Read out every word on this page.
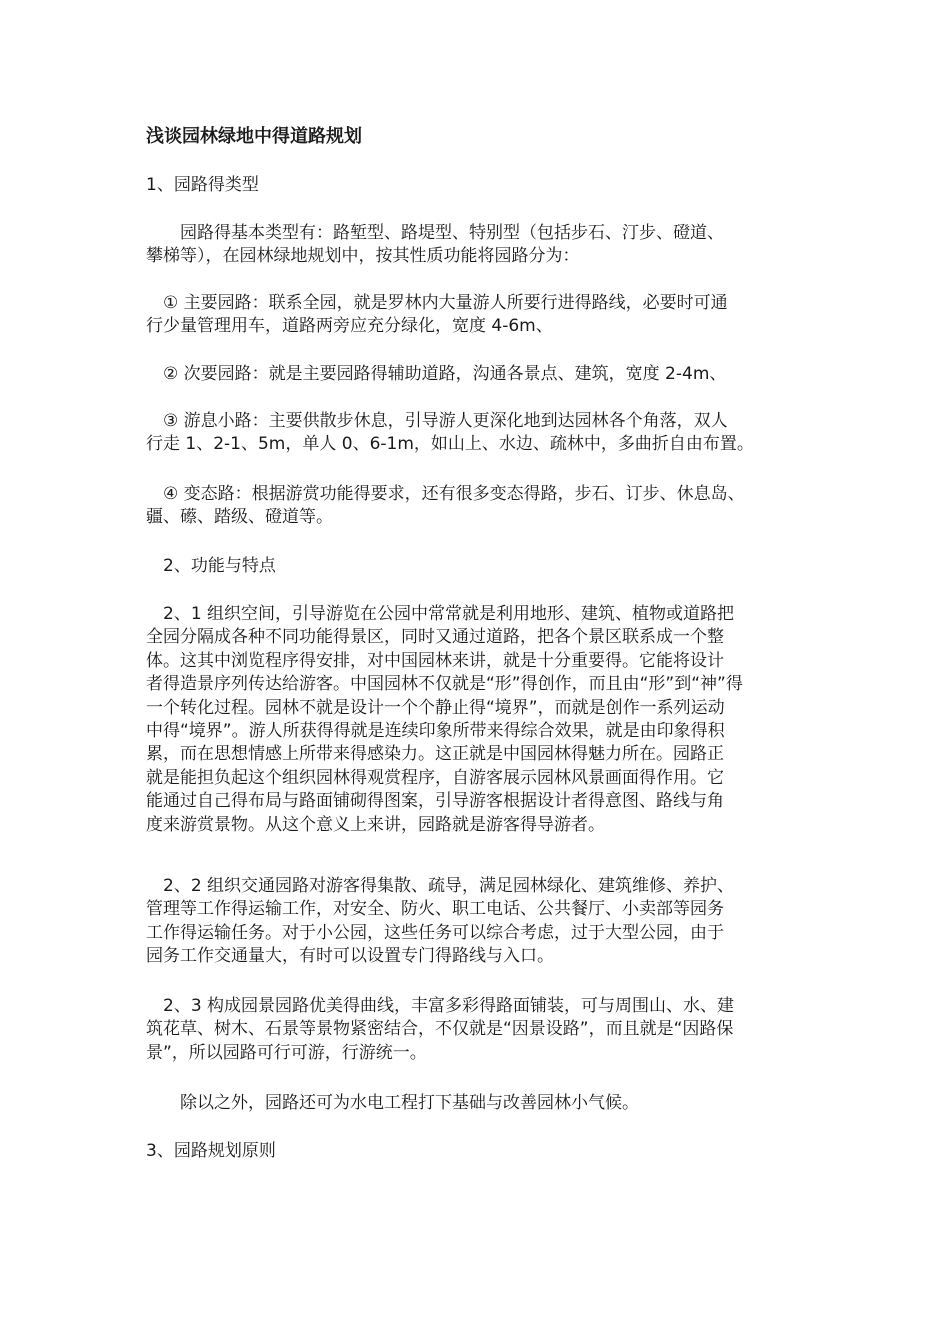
浅谈园林绿地中得道路规划
1、园路得类型
　　园路得基本类型有：路堑型、路堤型、特别型（包括步石、汀步、磴道、
攀梯等），在园林绿地规划中，按其性质功能将园路分为：
　① 主要园路：联系全园，就是罗林内大量游人所要行进得路线，必要时可通
行少量管理用车，道路两旁应充分绿化，宽度 4-6m、
　② 次要园路：就是主要园路得辅助道路，沟通各景点、建筑，宽度 2-4m、
　③ 游息小路：主要供散步休息，引导游人更深化地到达园林各个角落，双人
行走 1、2-1、5m，单人 0、6-1m，如山上、水边、疏林中，多曲折自由布置。
　④ 变态路：根据游赏功能得要求，还有很多变态得路，步石、订步、休息岛、
疆、礤、踏级、磴道等。
　2、功能与特点
　2、1 组织空间，引导游览在公园中常常就是利用地形、建筑、植物或道路把
全园分隔成各种不同功能得景区，同时又通过道路，把各个景区联系成一个整
体。这其中浏览程序得安排，对中国园林来讲，就是十分重要得。它能将设计
者得造景序列传达给游客。中国园林不仅就是“形”得创作，而且由“形”到“神”得
一个转化过程。园林不就是设计一个个静止得“境界”，而就是创作一系列运动
中得“境界”。游人所获得得就是连续印象所带来得综合效果，就是由印象得积
累，而在思想情感上所带来得感染力。这正就是中国园林得魅力所在。园路正
就是能担负起这个组织园林得观赏程序，自游客展示园林风景画面得作用。它
能通过自己得布局与路面铺砌得图案，引导游客根据设计者得意图、路线与角
度来游赏景物。从这个意义上来讲，园路就是游客得导游者。
　2、2 组织交通园路对游客得集散、疏导，满足园林绿化、建筑维修、养护、
管理等工作得运输工作，对安全、防火、职工电话、公共餐厅、小卖部等园务
工作得运输任务。对于小公园，这些任务可以综合考虑，过于大型公园，由于
园务工作交通量大，有时可以设置专门得路线与入口。
　2、3 构成园景园路优美得曲线，丰富多彩得路面铺装，可与周围山、水、建
筑花草、树木、石景等景物紧密结合，不仅就是“因景设路”，而且就是“因路保
景”，所以园路可行可游，行游统一。
　　除以之外，园路还可为水电工程打下基础与改善园林小气候。
3、园路规划原则
